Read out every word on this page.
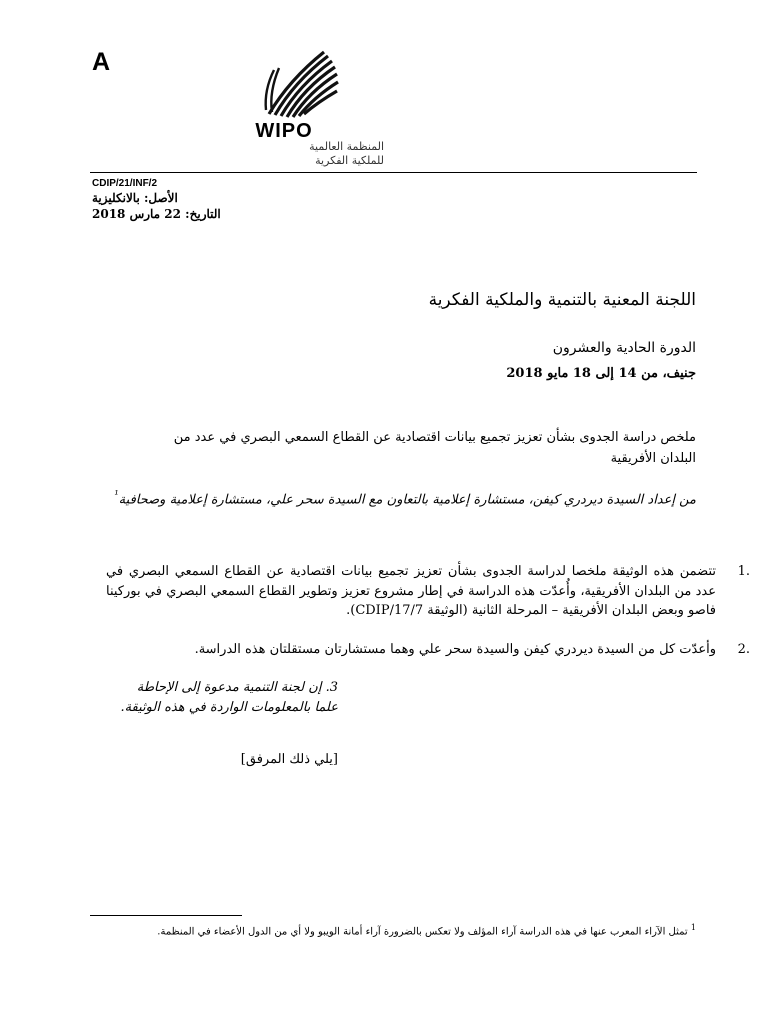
A
WIPO
المنظمة العالمية
للملكية الفكرية
CDIP/21/INF/2
الأصل: بالانكليزية
التاريخ: 22 مارس 2018
اللجنة المعنية بالتنمية والملكية الفكرية
الدورة الحادية والعشرون
جنيف، من 14 إلى 18 مايو 2018
ملخص دراسة الجدوى بشأن تعزيز تجميع بيانات اقتصادية عن القطاع السمعي البصري في عدد من البلدان الأفريقية
من إعداد السيدة ديردري كيفن، مستشارة إعلامية بالتعاون مع السيدة سحر علي، مستشارة إعلامية وصحافية$^{^1}$
1.
تتضمن هذه الوثيقة ملخصا لدراسة الجدوى بشأن تعزيز تجميع بيانات اقتصادية عن القطاع السمعي البصري في عدد من البلدان الأفريقية، وأُعدّت هذه الدراسة في إطار مشروع تعزيز وتطوير القطاع السمعي البصري في بوركينا فاصو وبعض البلدان الأفريقية – المرحلة الثانية (الوثيقة CDIP/17/7).
2.
وأعدّت كل من السيدة ديردري كيفن والسيدة سحر علي وهما مستشارتان مستقلتان هذه الدراسة.
3. إن لجنة التنمية مدعوة إلى الإحاطة علما بالمعلومات الواردة في هذه الوثيقة.
[يلي ذلك المرفق]
$^1$ تمثل الآراء المعرب عنها في هذه الدراسة آراء المؤلف ولا تعكس بالضرورة آراء أمانة الويبو ولا أي من الدول الأعضاء في المنظمة.
